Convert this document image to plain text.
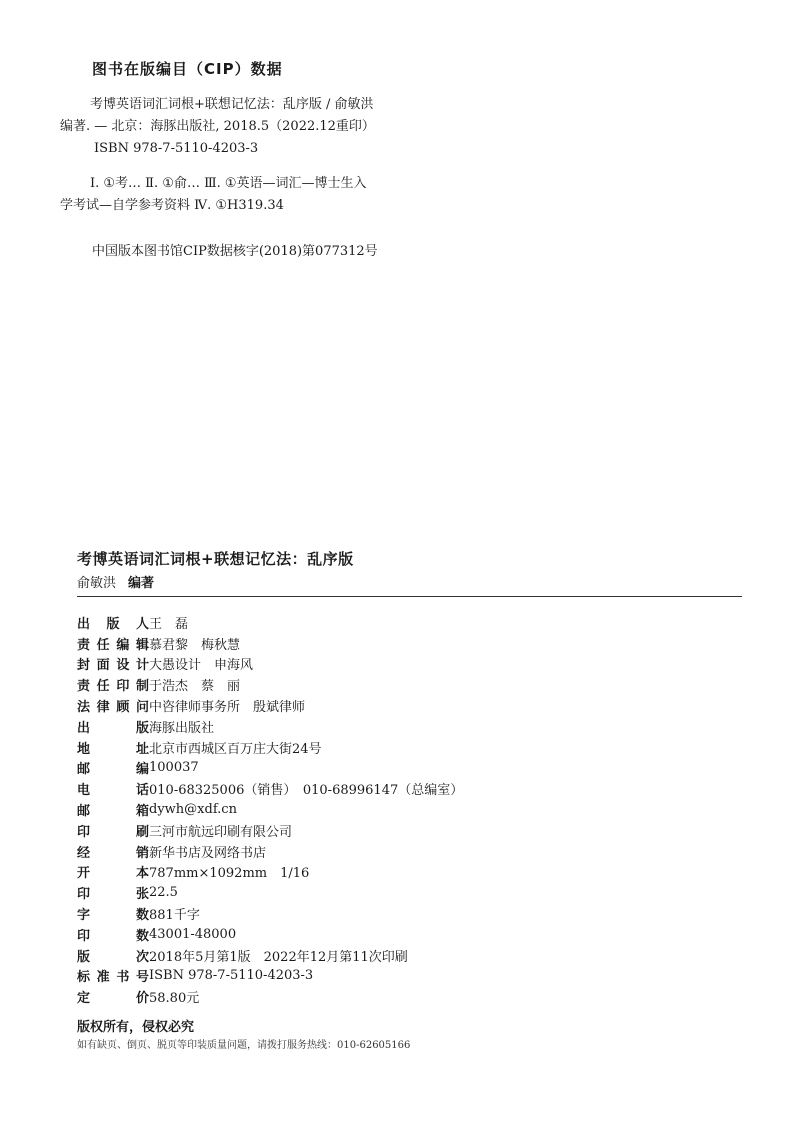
图书在版编目（CIP）数据
考博英语词汇词根+联想记忆法：乱序版 / 俞敏洪
编著. — 北京：海豚出版社, 2018.5（2022.12重印）
ISBN 978-7-5110-4203-3
Ⅰ. ①考… Ⅱ. ①俞… Ⅲ. ①英语—词汇—博士生入
学考试—自学参考资料 Ⅳ. ①H319.34
中国版本图书馆CIP数据核字(2018)第077312号
考博英语词汇词根+联想记忆法：乱序版
俞敏洪 编著
出 版 人 王　磊
责 任 编 辑 慕君黎　梅秋慧
封 面 设 计 大愚设计　申海风
责 任 印 制 于浩杰　蔡　丽
法 律 顾 问 中咨律师事务所　殷斌律师
出	版 海豚出版社
地	址 北京市西城区百万庄大街24号
邮	编 100037
电	话 010-68325006（销售）　010-68996147（总编室）
邮	箱 dywh@xdf.cn
印	刷 三河市航远印刷有限公司
经	销 新华书店及网络书店
开	本 787mm×1092mm　1/16
印	张 22.5
字	数 881千字
印	数 43001-48000
版	次 2018年5月第1版　2022年12月第11次印刷
标 准 书 号 ISBN 978-7-5110-4203-3
定	价 58.80元
版权所有，侵权必究
如有缺页、倒页、脱页等印装质量问题，请拨打服务热线：010-62605166
